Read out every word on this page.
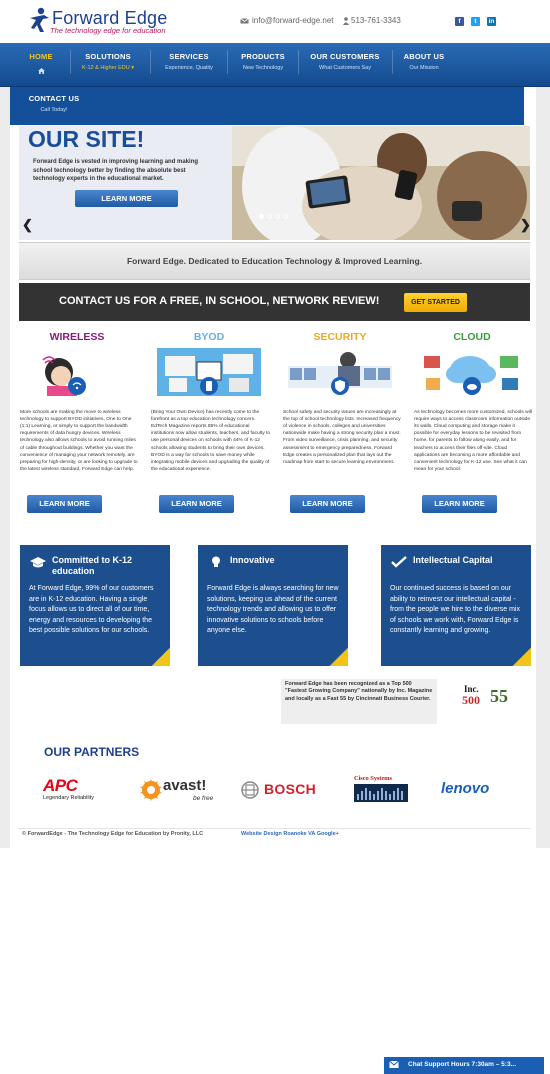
Forward Edge
The technology edge for education
info@forward-edge.net 513-761-3343	f	t	in
HOME	SOLUTIONS
K-12 & Higher EDU ▾
SERVICES
Experience, Quality
PRODUCTS
New Technology
OUR CUSTOMERS
What Customers Say
ABOUT US
Our Mission
CONTACT US
Call Today!
OUR SITE!
Forward Edge is vested in improving learning and making school technology better by finding the absolute best technology experts in the educational market.
LEARN MORE
❮	❯
Forward Edge. Dedicated to Education Technology & Improved Learning.
CONTACT US FOR A FREE, IN SCHOOL, NETWORK REVIEW!	GET STARTED
WIRELESS	BYOD	SECURITY	CLOUD
More schools are making the move to wireless technology to support BYOD initiatives, One to One (1:1) Learning, or simply to support the bandwidth requirements of data hungry devices. Wireless technology also allows schools to avoid running miles of cable throughout buildings. Whether you want the convenience of managing your network remotely, are preparing for high-density, or are looking to upgrade to the latest wireless standard, Forward Edge can help.
(Bring Your Own Device) has recently come to the forefront as a top education technology concern. EdTech Magazine reports 85% of educational institutions now allow students, teachers, and faculty to use personal devices on schools with 44% of K-12 schools allowing students to bring their own devices. BYOD is a way for schools to save money while integrating mobile devices and upgrading the quality of the educational experience.
School safety and security issues are increasingly at the top of school technology lists. Increased frequency of violence in schools, colleges and universities nationwide make having a strong security plan a must. From video surveillance, crisis planning, and security assessment to emergency preparedness, Forward Edge creates a personalized plan that lays out the roadmap from start to secure learning environment.
As technology becomes more customized, schools will require ways to access classroom information outside its walls. Cloud computing and storage make it possible for everyday lessons to be revisited from home, for parents to follow along easily, and for teachers to access their files off-site. Cloud applications are becoming a more affordable and convenient technology for K-12 use. See what it can mean for your school.
LEARN MORE	LEARN MORE	LEARN MORE	LEARN MORE
Committed to K-12 education
At Forward Edge, 99% of our customers are in K-12 education. Having a single focus allows us to direct all of our time, energy and resources to developing the best possible solutions for our schools.
Innovative
Forward Edge is always searching for new solutions, keeping us ahead of the current technology trends and allowing us to offer innovative solutions to schools before anyone else.
Intellectual Capital
Our continued success is based on our ability to reinvest our intellectual capital - from the people we hire to the diverse mix of schools we work with, Forward Edge is constantly learning and growing.
Forward Edge has been recognized as a Top 500 "Fastest Growing Company" nationally by Inc. Magazine and locally as a Fast 55 by Cincinnati Business Courier.
Inc.
500 55
OUR PARTNERS
APC
Legendary Reliability
avast!
be free
BOSCH
Cisco Systems
lenovo
© ForwardEdge - The Technology Edge for Education by Pronity, LLC	Website Design Roanoke VA Google+
Chat Support Hours 7:30am – 5:3...
